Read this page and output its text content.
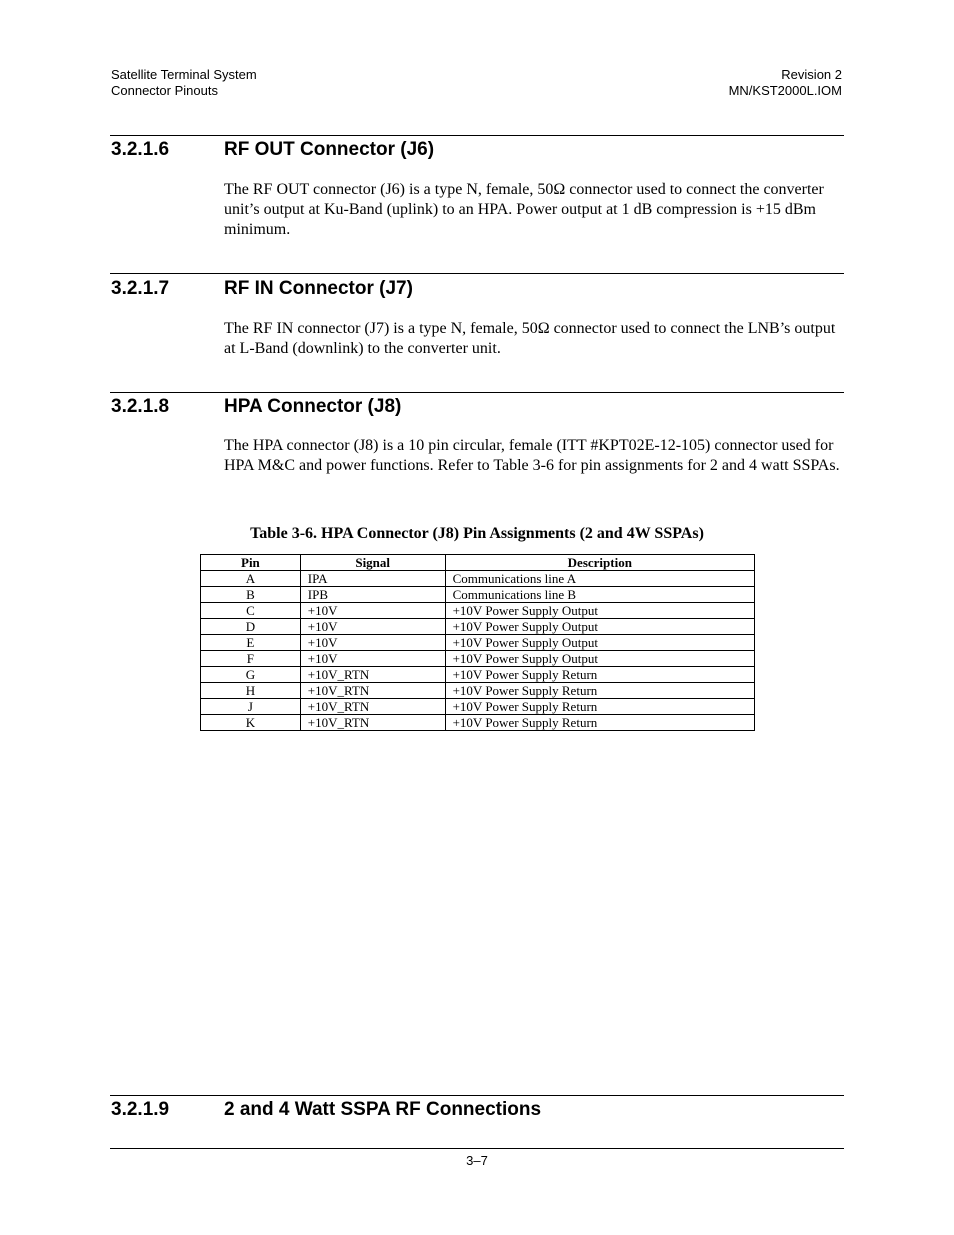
Satellite Terminal System
Connector Pinouts
Revision 2
MN/KST2000L.IOM
3.2.1.6	RF OUT Connector (J6)

The RF OUT connector (J6) is a type N, female, 50Ω connector used to connect the converter unit’s output at Ku-Band (uplink) to an HPA. Power output at 1 dB compression is +15 dBm minimum.

3.2.1.7	RF IN Connector (J7)

The RF IN connector (J7) is a type N, female, 50Ω connector used to connect the LNB’s output at L-Band (downlink) to the converter unit.

3.2.1.8	HPA Connector (J8)

The HPA connector (J8) is a 10 pin circular, female (ITT #KPT02E-12-105) connector used for HPA M&C and power functions. Refer to Table 3-6 for pin assignments for 2 and 4 watt SSPAs.

Table 3-6. HPA Connector (J8) Pin Assignments (2 and 4W SSPAs)
Pin	Signal	Description
A	IPA	Communications line A
B	IPB	Communications line B
C	+10V	+10V Power Supply Output
D	+10V	+10V Power Supply Output
E	+10V	+10V Power Supply Output
F	+10V	+10V Power Supply Output
G	+10V_RTN	+10V Power Supply Return
H	+10V_RTN	+10V Power Supply Return
J	+10V_RTN	+10V Power Supply Return
K	+10V_RTN	+10V Power Supply Return
3.2.1.9	2 and 4 Watt SSPA RF Connections
3–7
